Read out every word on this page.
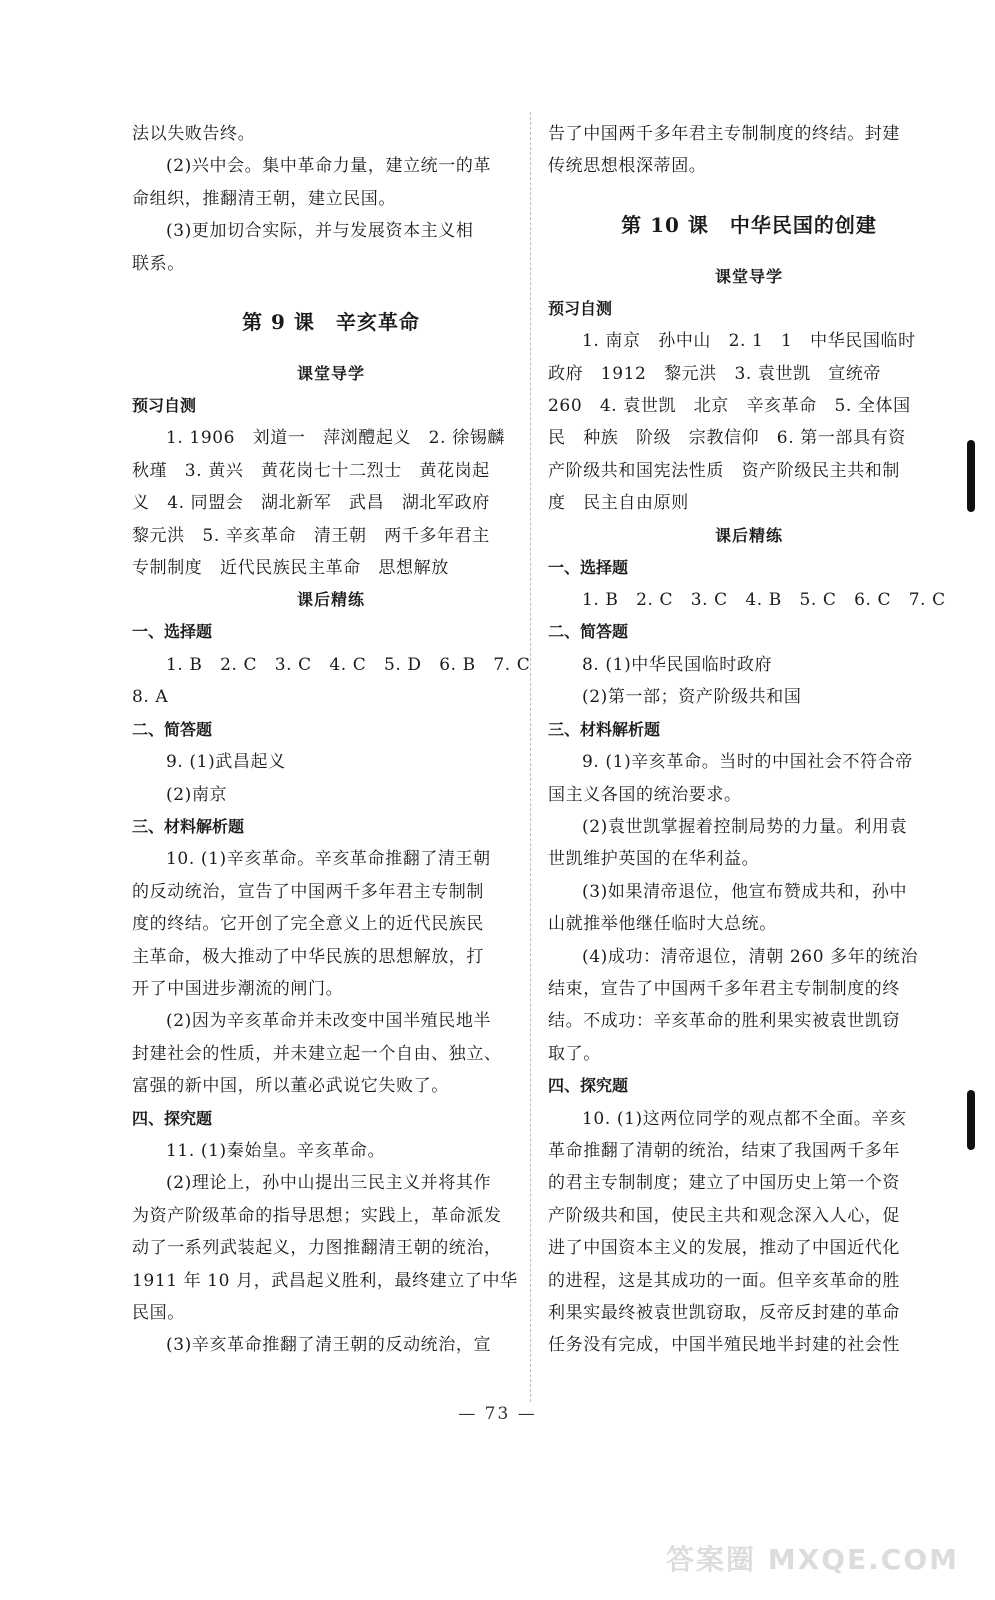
法以失败告终。
(2)兴中会。集中革命力量，建立统一的革
命组织，推翻清王朝，建立民国。
(3)更加切合实际，并与发展资本主义相
联系。
第 9 课　辛亥革命
课堂导学
预习自测
1. 1906　刘道一　萍浏醴起义　2. 徐锡麟
秋瑾　3. 黄兴　黄花岗七十二烈士　黄花岗起
义　4. 同盟会　湖北新军　武昌　湖北军政府
黎元洪　5. 辛亥革命　清王朝　两千多年君主
专制制度　近代民族民主革命　思想解放
课后精练
一、选择题
1. B　2. C　3. C　4. C　5. D　6. B　7. C
8. A
二、简答题
9. (1)武昌起义
(2)南京
三、材料解析题
10. (1)辛亥革命。辛亥革命推翻了清王朝
的反动统治，宣告了中国两千多年君主专制制
度的终结。它开创了完全意义上的近代民族民
主革命，极大推动了中华民族的思想解放，打
开了中国进步潮流的闸门。
(2)因为辛亥革命并未改变中国半殖民地半
封建社会的性质，并未建立起一个自由、独立、
富强的新中国，所以董必武说它失败了。
四、探究题
11. (1)秦始皇。辛亥革命。
(2)理论上，孙中山提出三民主义并将其作
为资产阶级革命的指导思想；实践上，革命派发
动了一系列武装起义，力图推翻清王朝的统治，
1911 年 10 月，武昌起义胜利，最终建立了中华
民国。
(3)辛亥革命推翻了清王朝的反动统治，宣
告了中国两千多年君主专制制度的终结。封建
传统思想根深蒂固。
第 10 课　中华民国的创建
课堂导学
预习自测
1. 南京　孙中山　2. 1　1　中华民国临时
政府　1912　黎元洪　3. 袁世凯　宣统帝
260　4. 袁世凯　北京　辛亥革命　5. 全体国
民　种族　阶级　宗教信仰　6. 第一部具有资
产阶级共和国宪法性质　资产阶级民主共和制
度　民主自由原则
课后精练
一、选择题
1. B　2. C　3. C　4. B　5. C　6. C　7. C
二、简答题
8. (1)中华民国临时政府
(2)第一部；资产阶级共和国
三、材料解析题
9. (1)辛亥革命。当时的中国社会不符合帝
国主义各国的统治要求。
(2)袁世凯掌握着控制局势的力量。利用袁
世凯维护英国的在华利益。
(3)如果清帝退位，他宣布赞成共和，孙中
山就推举他继任临时大总统。
(4)成功：清帝退位，清朝 260 多年的统治
结束，宣告了中国两千多年君主专制制度的终
结。不成功：辛亥革命的胜利果实被袁世凯窃
取了。
四、探究题
10. (1)这两位同学的观点都不全面。辛亥
革命推翻了清朝的统治，结束了我国两千多年
的君主专制制度；建立了中国历史上第一个资
产阶级共和国，使民主共和观念深入人心，促
进了中国资本主义的发展，推动了中国近代化
的进程，这是其成功的一面。但辛亥革命的胜
利果实最终被袁世凯窃取，反帝反封建的革命
任务没有完成，中国半殖民地半封建的社会性
— 73 —
答案圈 MXQE.COM
